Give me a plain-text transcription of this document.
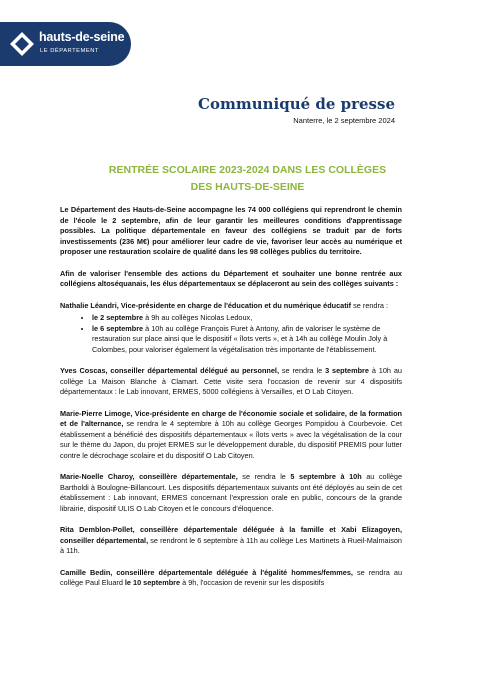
hauts-de-seine
LE DÉPARTEMENT
Communiqué de presse
Nanterre, le 2 septembre 2024
RENTRÉE SCOLAIRE 2023-2024 DANS LES COLLÈGES
DES HAUTS-DE-SEINE

Le Département des Hauts-de-Seine accompagne les 74 000 collégiens qui reprendront le chemin de l'école le 2 septembre, afin de leur garantir les meilleures conditions d'apprentissage possibles. La politique départementale en faveur des collégiens se traduit par de forts investissements (236 M€) pour améliorer leur cadre de vie, favoriser leur accès au numérique et proposer une restauration scolaire de qualité dans les 98 collèges publics du territoire.

Afin de valoriser l'ensemble des actions du Département et souhaiter une bonne rentrée aux collégiens altoséquanais, les élus départementaux se déplaceront au sein des collèges suivants :

Nathalie Léandri, Vice-présidente en charge de l'éducation et du numérique éducatif se rendra :

• le 2 septembre à 9h au collèges Nicolas Ledoux,
• le 6 septembre à 10h au collège François Furet à Antony, afin de valoriser le système de restauration sur place ainsi que le dispositif « îlots verts », et à 14h au collège Moulin Joly à Colombes, pour valoriser également la végétalisation très importante de l'établissement.

Yves Coscas, conseiller départemental délégué au personnel, se rendra le 3 septembre à 10h au collège La Maison Blanche à Clamart. Cette visite sera l'occasion de revenir sur 4 dispositifs départementaux : le Lab innovant, ERMES, 5000 collégiens à Versailles, et O Lab Citoyen.

Marie-Pierre Limoge, Vice-présidente en charge de l'économie sociale et solidaire, de la formation et de l'alternance, se rendra le 4 septembre à 10h au collège Georges Pompidou à Courbevoie. Cet établissement a bénéficié des dispositifs départementaux « îlots verts » avec la végétalisation de la cour sur le thème du Japon, du projet ERMES sur le développement durable, du dispositif PREMIS pour lutter contre le décrochage scolaire et du dispositif O Lab Citoyen.

Marie-Noelle Charoy, conseillère départementale, se rendra le 5 septembre à 10h au collège Bartholdi à Boulogne-Billancourt. Les dispositifs départementaux suivants ont été déployés au sein de cet établissement : Lab innovant, ERMES concernant l'expression orale en public, concours de la grande librairie, dispositif ULIS O Lab Citoyen et le concours d'éloquence.

Rita Demblon-Pollet, conseillère départementale déléguée à la famille et Xabi Elizagoyen, conseiller départemental, se rendront le 6 septembre à 11h au collège Les Martinets à Rueil-Malmaison à 11h.

Camille Bedin, conseillère départementale déléguée à l'égalité hommes/femmes, se rendra au collège Paul Eluard le 10 septembre à 9h, l'occasion de revenir sur les dispositifs
